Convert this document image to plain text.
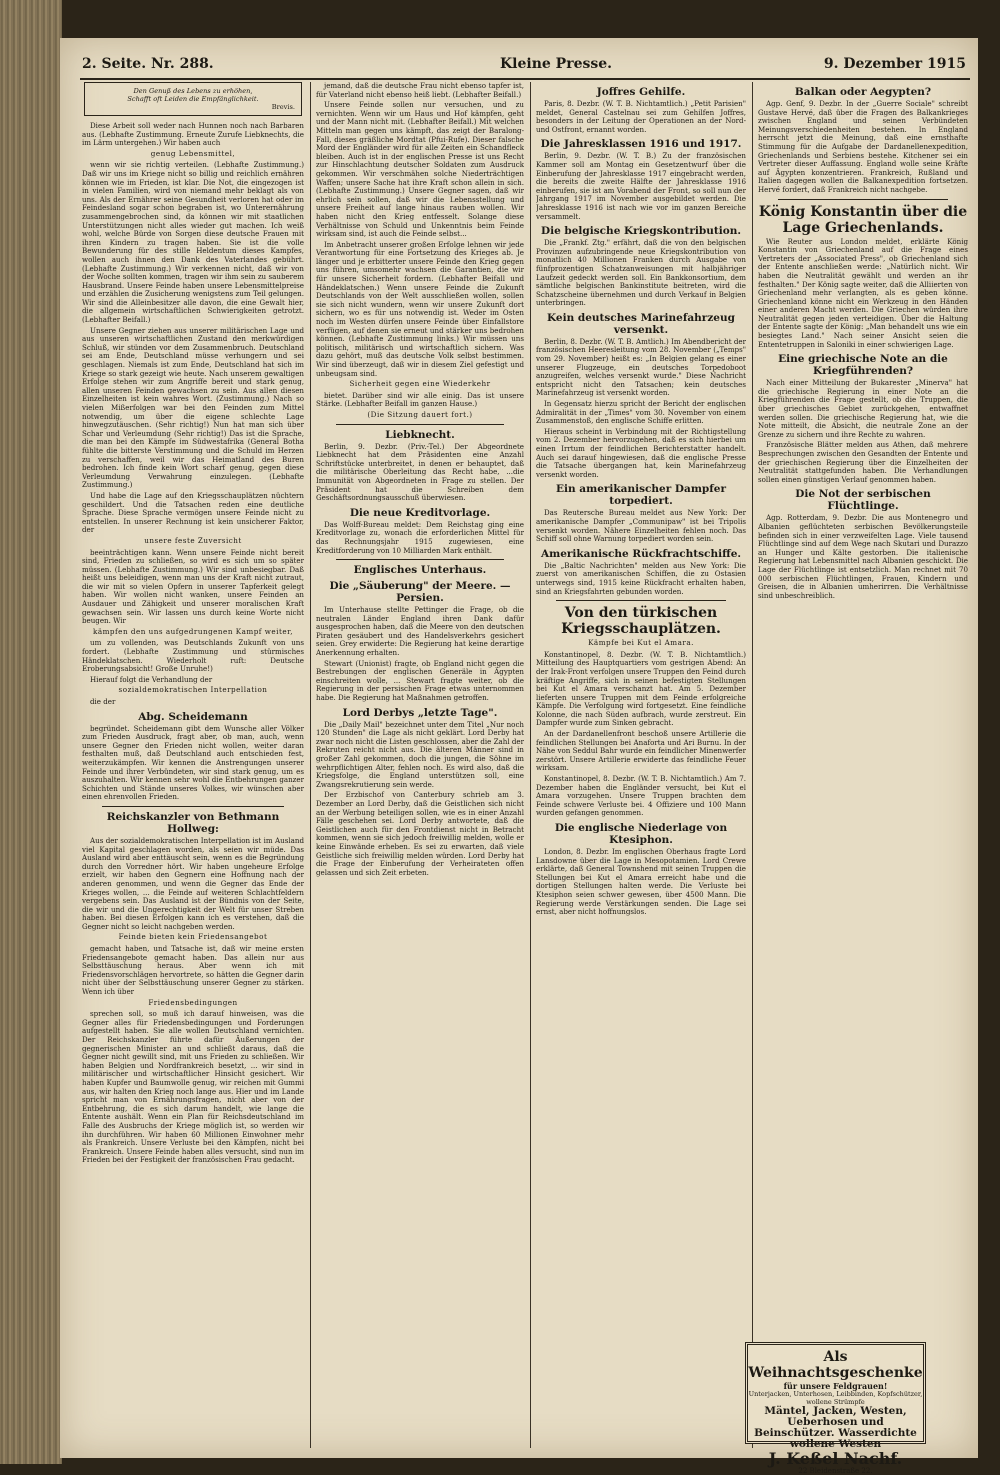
2. Seite. Nr. 288.	Kleine Presse.	9. Dezember 1915
Den Genuß des Lebens zu erhöhen,
Schafft oft Leiden die Empfänglichkeit.
Brevis.

Diese Arbeit soll weder nach Hunnen noch nach Barbaren aus. (Lebhafte Zustimmung. Erneute Zurufe Liebknechts, die im Lärm untergehen.) Wir haben auch

genug Lebensmittel,

wenn wir sie richtig verteilen. (Lebhafte Zustimmung.) Daß wir uns im Kriege nicht so billig und reichlich ernähren können wie im Frieden, ist klar. Die Not, die eingezogen ist in vielen Familien, wird von niemand mehr beklagt als von uns. Als der Ernährer seine Gesundheit verloren hat oder im Feindesland sogar schon begraben ist, wo Unterernährung zusammengebrochen sind, da können wir mit staatlichen Unterstützungen nicht alles wieder gut machen. Ich weiß wohl, welche Bürde von Sorgen diese deutsche Frauen mit ihren Kindern zu tragen haben. Sie ist die volle Bewunderung für des stille Heldentum dieses Kampfes, wollen auch ihnen den Dank des Vaterlandes gebührt. (Lebhafte Zustimmung.) Wir verkennen nicht, daß wir von der Woche sollten kommen, tragen wir ihm sein zu sauberem Hausbrand. Unsere Feinde haben unsere Lebensmittelpreise und erzählen die Zusicherung wenigstens zum Teil gelungen. Wir sind die Alleinbesitzer alle davon, die eine Gewalt hier, die allgemein wirtschaftlichen Schwierigkeiten getrotzt. (Lebhafter Beifall.)

Unsere Gegner ziehen aus unserer militärischen Lage und aus unseren wirtschaftlichen Zustand den merkwürdigen Schluß, wir stünden vor dem Zusammenbruch. Deutschland sei am Ende, Deutschland müsse verhungern und sei geschlagen. Niemals ist zum Ende, Deutschland hat sich im Kriege so stark gezeigt wie heute. Nach unserem gewaltigen Erfolge stehen wir zum Angriffe bereit und stark genug, allen unseren Feinden gewachsen zu sein. Aus allen diesen Einzelheiten ist kein wahres Wort. (Zustimmung.) Nach so vielen Mißerfolgen war bei den Feinden zum Mittel notwendig, um über die eigene schlechte Lage hinwegzutäuschen. (Sehr richtig!) Nun hat man sich über Schar und Verleumdung (Sehr richtig!) Das ist die Sprache, die man bei den Kämpfe im Südwestafrika (General Botha fühlte die bitterste Verstimmung und die Schuld im Herzen zu verschaffen, weil wir das Heimatland des Buren bedrohen. Ich finde kein Wort scharf genug, gegen diese Verleumdung Verwahrung einzulegen. (Lebhafte Zustimmung.)

Und habe die Lage auf den Kriegsschauplätzen nüchtern geschildert. Und die Tatsachen reden eine deutliche Sprache. Diese Sprache vermögen unsere Feinde nicht zu entstellen. In unserer Rechnung ist kein unsicherer Faktor, der

unsere feste Zuversicht

beeinträchtigen kann. Wenn unsere Feinde nicht bereit sind, Frieden zu schließen, so wird es sich um so später müssen. (Lebhafte Zustimmung.) Wir sind unbesiegbar. Daß heißt uns beleidigen, wenn man uns der Kraft nicht zutraut, die wir mit so vielen Opfern in unserer Tapferkeit gelegt haben. Wir wollen nicht wanken, unsere Feinden an Ausdauer und Zähigkeit und unserer moralischen Kraft gewachsen sein. Wir lassen uns durch keine Worte nicht beugen. Wir

kämpfen den uns aufgedrungenen Kampf weiter,

um zu vollenden, was Deutschlands Zukunft von uns fordert. (Lebhafte Zustimmung und stürmisches Händeklatschen. Wiederholt ruft: Deutsche Eroberungsabsicht! Große Unruhe!)

Hierauf folgt die Verhandlung der

sozialdemokratischen Interpellation

die der

Abg. Scheidemann

begründet. Scheidemann gibt dem Wunsche aller Völker zum Frieden Ausdruck, fragt aber, ob man, auch, wenn unsere Gegner den Frieden nicht wollen, weiter daran festhalten muß, daß Deutschland auch entschieden fest, weiterzukämpfen. Wir kennen die Anstrengungen unserer Feinde und ihrer Verbündeten, wir sind stark genug, um es auszuhalten. Wir kennen sehr wohl die Entbehrungen ganzer Schichten und Stände unseres Volkes, wir wünschen aber einen ehrenvollen Frieden.

Reichskanzler von Bethmann Hollweg:

Aus der sozialdemokratischen Interpellation ist im Ausland viel Kapital geschlagen worden, als seien wir müde. Das Ausland wird aber enttäuscht sein, wenn es die Begründung durch den Vorredner hört. Wir haben ungeheure Erfolge erzielt, wir haben den Gegnern eine Hoffnung nach der anderen genommen, und wenn die Gegner das Ende der Krieges wollen, ... die Feinde auf weiteren Schlachtfeldern vergebens sein. Das Ausland ist der Bündnis von der Seite, die wir und die Ungerechtigkeit der Welt für unser Streben haben. Bei diesen Erfolgen kann ich es verstehen, daß die Gegner nicht so leicht nachgeben werden.

Feinde bieten kein Friedensangebot

gemacht haben, und Tatsache ist, daß wir meine ersten Friedensangebote gemacht haben. Das allein nur aus Selbsttäuschung heraus. Aber wenn ich mit Friedensvorschlägen hervortrete, so hätten die Gegner darin nicht über der Selbsttäuschung unserer Gegner zu stärken. Wenn ich über

Friedensbedingungen

sprechen soll, so muß ich darauf hinweisen, was die Gegner alles für Friedensbedingungen und Forderungen aufgestellt haben. Sie alle wollen Deutschland vernichten. Der Reichskanzler führte dafür Äußerungen der gegnerischen Minister an und schließt daraus, daß die Gegner nicht gewillt sind, mit uns Frieden zu schließen. Wir haben Belgien und Nordfrankreich besetzt, ... wir sind in militärischer und wirtschaftlicher Hinsicht gesichert. Wir haben Kupfer und Baumwolle genug, wir reichen mit Gummi aus, wir halten den Krieg noch lange aus. Hier und im Lande spricht man von Ernährungsfragen, nicht aber von der Entbehrung, die es sich darum handelt, wie lange die Entente aushält. Wenn ein Plan für Reichsdeutschland im Falle des Ausbruchs der Kriege möglich ist, so werden wir ihn durchführen. Wir haben 60 Millionen Einwohner mehr als Frankreich. Unsere Verluste bei den Kämpfen, nicht bei Frankreich. Unsere Feinde haben alles versucht, sind nun im Frieden bei der Festigkeit der französischen Frau gedacht.

jemand, daß die deutsche Frau nicht ebenso tapfer ist, für Vaterland nicht ebenso heiß liebt. (Lebhafter Beifall.)

Unsere Feinde sollen nur versuchen, und zu vernichten. Wenn wir um Haus und Hof kämpfen, geht und der Mann nicht mit. (Lebhafter Beifall.) Mit welchen Mitteln man gegen uns kämpft, das zeigt der Baralong-Fall, dieses gräßliche Mordtat (Pfui-Rufe). Dieser falsche Mord der Engländer wird für alle Zeiten ein Schandfleck bleiben. Auch ist in der englischen Presse ist uns Recht zur Hinschlachtung deutscher Soldaten zum Ausdruck gekommen. Wir verschmähen solche Niederträchtigen Waffen; unsere Sache hat ihre Kraft schon allein in sich. (Lebhafte Zustimmung.) Unsere Gegner sagen, daß wir ehrlich sein sollen, daß wir die Lebensstellung und unsere Freiheit auf lange hinaus rauben wollen. Wir haben nicht den Krieg entfesselt. Solange diese Verhältnisse von Schuld und Unkenntnis beim Feinde wirksam sind, ist auch die Feinde selbst...

Im Anbetracht unserer großen Erfolge lehnen wir jede Verantwortung für eine Fortsetzung des Krieges ab. Je länger und je erbitterter unsere Feinde den Krieg gegen uns führen, umsomehr wachsen die Garantien, die wir für unsere Sicherheit fordern. (Lebhafter Beifall und Händeklatschen.) Wenn unsere Feinde die Zukunft Deutschlands von der Welt ausschließen wollen, sollen sie sich nicht wundern, wenn wir unsere Zukunft dort sichern, wo es für uns notwendig ist. Weder im Osten noch im Westen dürfen unsere Feinde über Einfallstore verfügen, auf denen sie erneut und stärker uns bedrohen können. (Lebhafte Zustimmung links.) Wir müssen uns politisch, militärisch und wirtschaftlich sichern. Was dazu gehört, muß das deutsche Volk selbst bestimmen. Wir sind überzeugt, daß wir in diesem Ziel gefestigt und unbeugsam sind.

Sicherheit gegen eine Wiederkehr

bietet. Darüber sind wir alle einig. Das ist unsere Stärke. (Lebhafter Beifall im ganzen Hause.)

(Die Sitzung dauert fort.)
Liebknecht.

Berlin, 9. Dezbr. (Priv.-Tel.) Der Abgeordnete Liebknecht hat dem Präsidenten eine Anzahl Schriftstücke unterbreitet, in denen er behauptet, daß die militärische Oberleitung das Recht habe, ...die Immunität von Abgeordneten in Frage zu stellen. Der Präsident hat die Schreiben dem Geschäftsordnungsausschuß überwiesen.

Die neue Kreditvorlage.

Das Wolff-Bureau meldet: Dem Reichstag ging eine Kreditvorlage zu, wonach die erforderlichen Mittel für das Rechnungsjahr 1915 zugewiesen, eine Kreditforderung von 10 Milliarden Mark enthält.

Englisches Unterhaus.
Die „Säuberung" der Meere. — Persien.

Im Unterhause stellte Pettinger die Frage, ob die neutralen Länder England ihren Dank dafür ausgesprochen haben, daß die Meere von den deutschen Piraten gesäubert und des Handelsverkehrs gesichert seien. Grey erwiderte: Die Regierung hat keine derartige Anerkennung erhalten.

Stewart (Unionist) fragte, ob England nicht gegen die Bestrebungen der englischen Generäle in Ägypten einschreiten wolle, ... Stewart fragte weiter, ob die Regierung in der persischen Frage etwas unternommen habe. Die Regierung hat Maßnahmen getroffen.

Lord Derbys „letzte Tage".

Die „Daily Mail" bezeichnet unter dem Titel „Nur noch 120 Stunden" die Lage als nicht geklärt. Lord Derby hat zwar noch nicht die Listen geschlossen, aber die Zahl der Rekruten reicht nicht aus. Die älteren Männer sind in großer Zahl gekommen, doch die jungen, die Söhne im wehrpflichtigen Alter, fehlen noch. Es wird also, daß die Kriegsfolge, die England unterstützen soll, eine Zwangsrekrutierung sein werde.

Der Erzbischof von Canterbury schrieb am 3. Dezember an Lord Derby, daß die Geistlichen sich nicht an der Werbung beteiligen sollen, wie es in einer Anzahl Fälle geschehen sei. Lord Derby antwortete, daß die Geistlichen auch für den Frontdienst nicht in Betracht kommen, wenn sie sich jedoch freiwillig melden, wolle er keine Einwände erheben. Es sei zu erwarten, daß viele Geistliche sich freiwillig melden würden. Lord Derby hat die Frage der Einberufung der Verheirateten offen gelassen und sich Zeit erbeten.

Joffres Gehilfe.

Paris, 8. Dezbr. (W. T. B. Nichtamtlich.) „Petit Parisien" meldet, General Castelnau sei zum Gehilfen Joffres, besonders in der Leitung der Operationen an der Nord- und Ostfront, ernannt worden.

Die Jahresklassen 1916 und 1917.

Berlin, 9. Dezbr. (W. T. B.) Zu der französischen Kammer soll am Montag ein Gesetzentwurf über die Einberufung der Jahresklasse 1917 eingebracht werden, die bereits die zweite Hälfte der Jahresklasse 1916 einberufen, sie ist am Vorabend der Front, so soll nun der Jahrgang 1917 im November ausgebildet werden. Die Jahresklasse 1916 ist nach wie vor im ganzen Bereiche versammelt.

Die belgische Kriegskontribution.

Die „Frankf. Ztg." erfährt, daß die von den belgischen Provinzen aufzubringende neue Kriegskontribution von monatlich 40 Millionen Franken durch Ausgabe von fünfprozentigen Schatzanweisungen mit halbjähriger Laufzeit gedeckt werden soll. Ein Bankkonsortium, dem sämtliche belgischen Bankinstitute beitreten, wird die Schatzscheine übernehmen und durch Verkauf in Belgien unterbringen.

Kein deutsches Marinefahrzeug versenkt.

Berlin, 8. Dezbr. (W. T. B. Amtlich.) Im Abendbericht der französischen Heeresleitung vom 28. November („Temps" vom 29. November) heißt es: „In Belgien gelang es einer unserer Flugzeuge, ein deutsches Torpedoboot anzugreifen, welches versenkt wurde." Diese Nachricht entspricht nicht den Tatsachen; kein deutsches Marinefahrzeug ist versenkt worden.

In Gegensatz hierzu spricht der Bericht der englischen Admiralität in der „Times" vom 30. November von einem Zusammenstoß, den englische Schiffe erlitten.

Hieraus scheint in Verbindung mit der Richtigstellung vom 2. Dezember hervorzugehen, daß es sich hierbei um einen Irrtum der feindlichen Berichterstatter handelt. Auch sei darauf hingewiesen, daß die englische Presse die Tatsache übergangen hat, kein Marinefahrzeug versenkt worden.

Ein amerikanischer Dampfer torpediert.

Das Reutersche Bureau meldet aus New York: Der amerikanische Dampfer „Communipaw" ist bei Tripolis versenkt worden. Nähere Einzelheiten fehlen noch. Das Schiff soll ohne Warnung torpediert worden sein.

Amerikanische Rückfrachtschiffe.

Die „Baltic Nachrichten" melden aus New York: Die zuerst von amerikanischen Schiffen, die zu Ostasien unterwegs sind, 1915 keine Rückfracht erhalten haben, sind an Kriegsfahrten gebunden worden.

Von den türkischen Kriegsschauplätzen.
Kämpfe bei Kut el Amara.

Konstantinopel, 8. Dezbr. (W. T. B. Nichtamtlich.) Mitteilung des Hauptquartiers vom gestrigen Abend: An der Irak-Front verfolgen unsere Truppen den Feind durch kräftige Angriffe, sich in seinen befestigten Stellungen bei Kut el Amara verschanzt hat. Am 5. Dezember lieferten unsere Truppen mit dem Feinde erfolgreiche Kämpfe. Die Verfolgung wird fortgesetzt. Eine feindliche Kolonne, die nach Süden aufbrach, wurde zerstreut. Ein Dampfer wurde zum Sinken gebracht.

An der Dardanellenfront beschoß unsere Artillerie die feindlichen Stellungen bei Anaforta und Ari Burnu. In der Nähe von Seddul Bahr wurde ein feindlicher Minenwerfer zerstört. Unsere Artillerie erwiderte das feindliche Feuer wirksam.

Konstantinopel, 8. Dezbr. (W. T. B. Nichtamtlich.) Am 7. Dezember haben die Engländer versucht, bei Kut el Amara vorzugehen. Unsere Truppen brachten dem Feinde schwere Verluste bei. 4 Offiziere und 100 Mann wurden gefangen genommen.

Die englische Niederlage von Ktesiphon.

London, 8. Dezbr. Im englischen Oberhaus fragte Lord Lansdowne über die Lage in Mesopotamien. Lord Crewe erklärte, daß General Townshend mit seinen Truppen die Stellungen bei Kut el Amara erreicht habe und die dortigen Stellungen halten werde. Die Verluste bei Ktesiphon seien schwer gewesen, über 4500 Mann. Die Regierung werde Verstärkungen senden. Die Lage sei ernst, aber nicht hoffnungslos.

Balkan oder Aegypten?

Agp. Genf, 9. Dezbr. In der „Guerre Sociale" schreibt Gustave Hervé, daß über die Fragen des Balkankrieges zwischen England und seinen Verbündeten Meinungsverschiedenheiten bestehen. In England herrscht jetzt die Meinung, daß eine ernsthafte Stimmung für die Aufgabe der Dardanellenexpedition, Griechenlands und Serbiens bestehe. Kitchener sei ein Vertreter dieser Auffassung. England wolle seine Kräfte auf Ägypten konzentrieren. Frankreich, Rußland und Italien dagegen wollen die Balkanexpedition fortsetzen. Hervé fordert, daß Frankreich nicht nachgebe.

König Konstantin über die Lage Griechenlands.

Wie Reuter aus London meldet, erklärte König Konstantin von Griechenland auf die Frage eines Vertreters der „Associated Press", ob Griechenland sich der Entente anschließen werde: „Natürlich nicht. Wir haben die Neutralität gewählt und werden an ihr festhalten." Der König sagte weiter, daß die Alliierten von Griechenland mehr verlangten, als es geben könne. Griechenland könne nicht ein Werkzeug in den Händen einer anderen Macht werden. Die Griechen würden ihre Neutralität gegen jeden verteidigen. Über die Haltung der Entente sagte der König: „Man behandelt uns wie ein besiegtes Land." Nach seiner Ansicht seien die Ententetruppen in Saloniki in einer schwierigen Lage.

Eine griechische Note an die Kriegführenden?

Nach einer Mitteilung der Bukarester „Minerva" hat die griechische Regierung in einer Note an die Kriegführenden die Frage gestellt, ob die Truppen, die über griechisches Gebiet zurückgehen, entwaffnet werden sollen. Die griechische Regierung hat, wie die Note mitteilt, die Absicht, die neutrale Zone an der Grenze zu sichern und ihre Rechte zu wahren.

Französische Blätter melden aus Athen, daß mehrere Besprechungen zwischen den Gesandten der Entente und der griechischen Regierung über die Einzelheiten der Neutralität stattgefunden haben. Die Verhandlungen sollen einen günstigen Verlauf genommen haben.

Die Not der serbischen Flüchtlinge.

Agp. Rotterdam, 9. Dezbr. Die aus Montenegro und Albanien geflüchteten serbischen Bevölkerungsteile befinden sich in einer verzweifelten Lage. Viele tausend Flüchtlinge sind auf dem Wege nach Skutari und Durazzo an Hunger und Kälte gestorben. Die italienische Regierung hat Lebensmittel nach Albanien geschickt. Die Lage der Flüchtlinge ist entsetzlich. Man rechnet mit 70 000 serbischen Flüchtlingen, Frauen, Kindern und Greisen, die in Albanien umherirren. Die Verhältnisse sind unbeschreiblich.

Als Weihnachtsgeschenke
für unsere Feldgrauen!
Unterjacken, Unterhosen, Leibbinden, Kopfschützer, wollene Strümpfe
Mäntel, Jacken, Westen, Ueberhosen und Beinschützer. Wasserdichte wollene Westen
J. Keßel Nachf.
22 Bleidenstraße 22.
